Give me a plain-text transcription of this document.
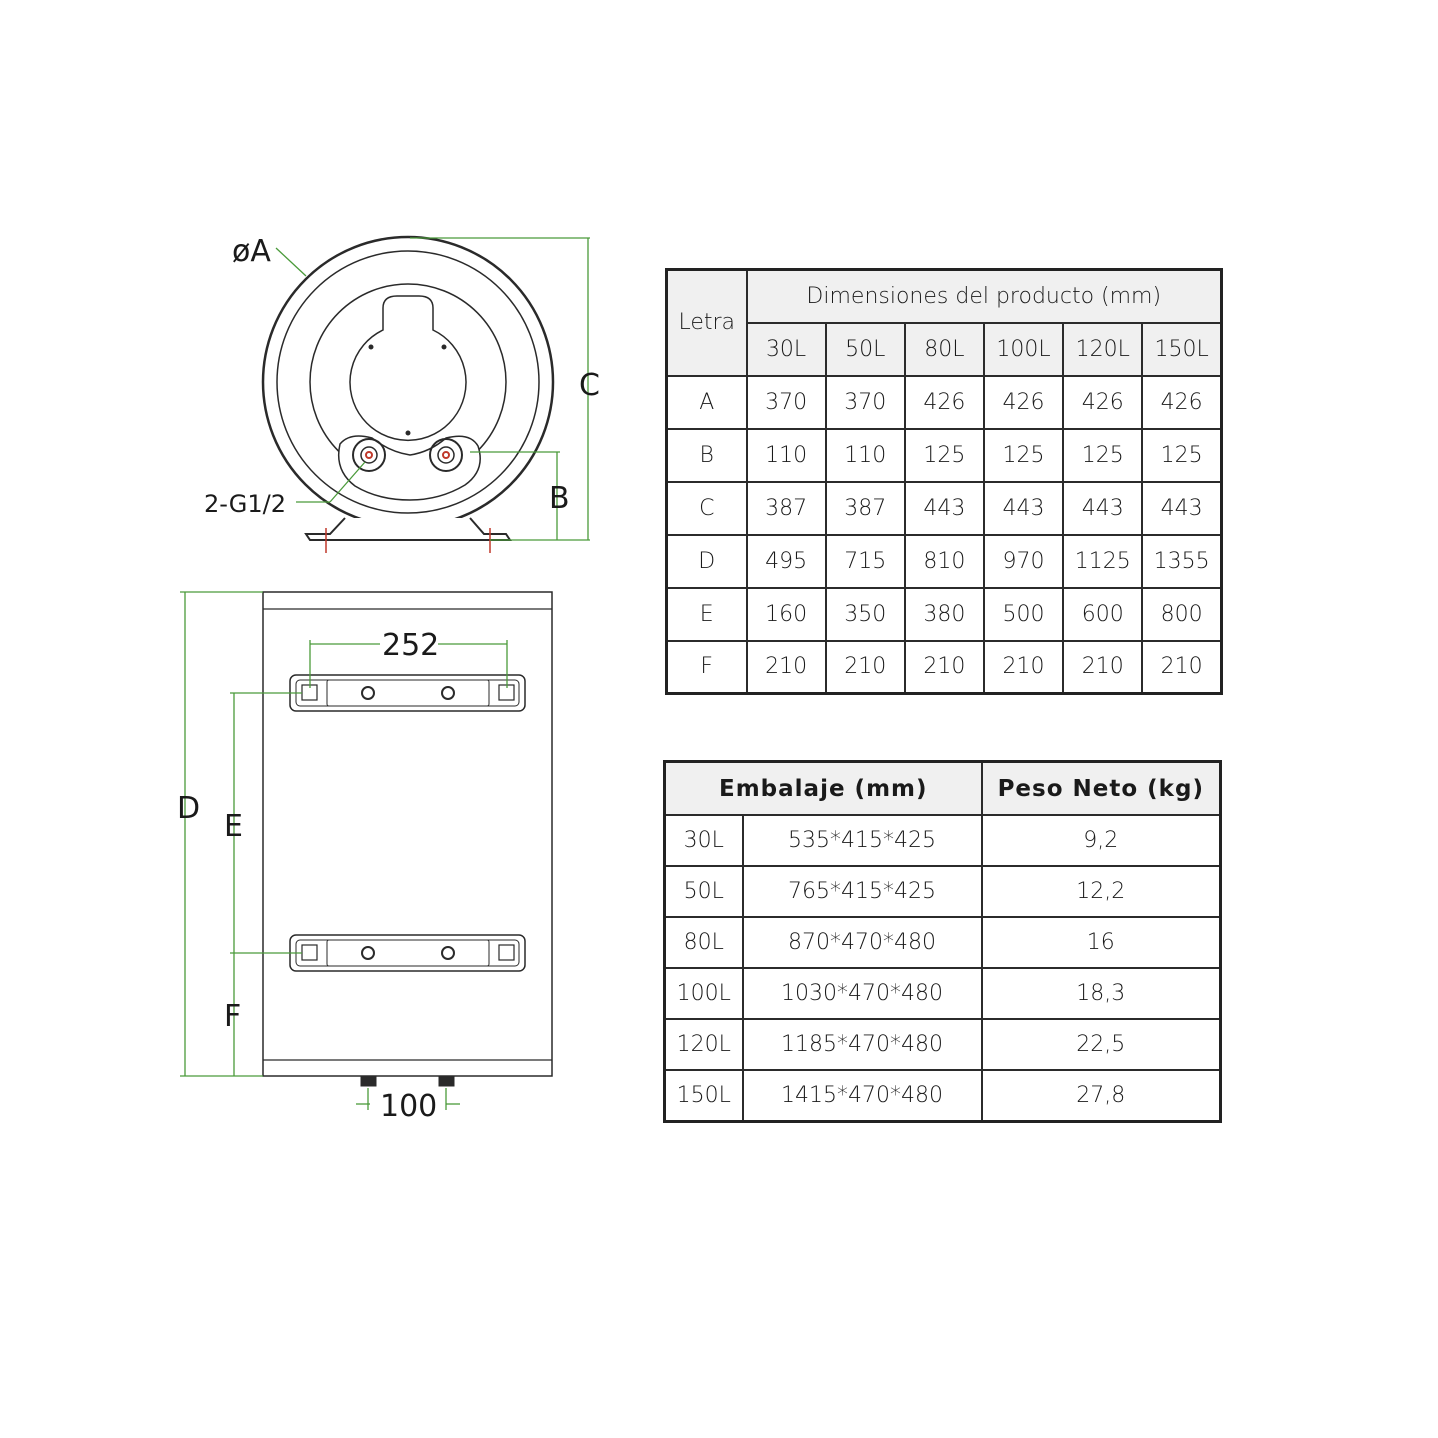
øA
C
B
2-G1/2
252
D
E
F
100
Letra	Dimensiones del producto (mm)					
	30L	50L	80L	100L	120L	150L
A	370	370	426	426	426	426
B	110	110	125	125	125	125
C	387	387	443	443	443	443
D	495	715	810	970	1125	1355
E	160	350	380	500	600	800
F	210	210	210	210	210	210
Embalaje (mm)		Peso Neto (kg)
30L	535*415*425	9,2
50L	765*415*425	12,2
80L	870*470*480	16
100L	1030*470*480	18,3
120L	1185*470*480	22,5
150L	1415*470*480	27,8
